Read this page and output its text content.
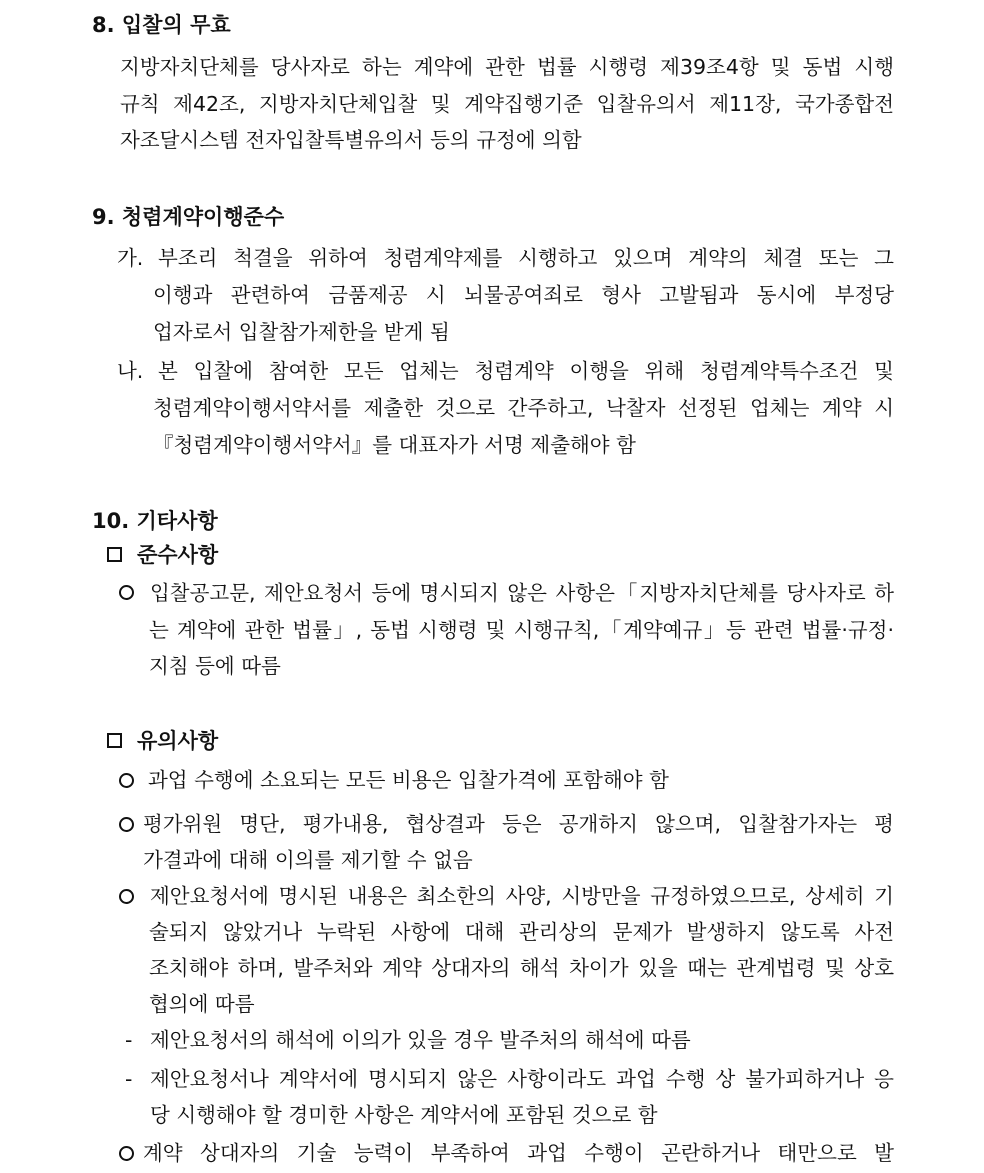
8. 입찰의 무효
지방자치단체를 당사자로 하는 계약에 관한 법률 시행령 제39조4항 및 동법 시행
규칙 제42조, 지방자치단체입찰 및 계약집행기준 입찰유의서 제11장, 국가종합전
자조달시스템 전자입찰특별유의서 등의 규정에 의함
9. 청렴계약이행준수
가. 부조리 척결을 위하여 청렴계약제를 시행하고 있으며 계약의 체결 또는 그
이행과 관련하여 금품제공 시 뇌물공여죄로 형사 고발됨과 동시에 부정당
업자로서 입찰참가제한을 받게 됨
나. 본 입찰에 참여한 모든 업체는 청렴계약 이행을 위해 청렴계약특수조건 및
청렴계약이행서약서를 제출한 것으로 간주하고, 낙찰자 선정된 업체는 계약 시
『청렴계약이행서약서』를 대표자가 서명 제출해야 함
10. 기타사항
준수사항
입찰공고문, 제안요청서 등에 명시되지 않은 사항은「지방자치단체를 당사자로 하
는 계약에 관한 법률」, 동법 시행령 및 시행규칙,「계약예규」등 관련 법률·규정·
지침 등에 따름
유의사항
과업 수행에 소요되는 모든 비용은 입찰가격에 포함해야 함
평가위원 명단, 평가내용, 협상결과 등은 공개하지 않으며, 입찰참가자는 평
가결과에 대해 이의를 제기할 수 없음
제안요청서에 명시된 내용은 최소한의 사양, 시방만을 규정하였으므로, 상세히 기
술되지 않았거나 누락된 사항에 대해 관리상의 문제가 발생하지 않도록 사전
조치해야 하며, 발주처와 계약 상대자의 해석 차이가 있을 때는 관계법령 및 상호
협의에 따름
- 제안요청서의 해석에 이의가 있을 경우 발주처의 해석에 따름
- 제안요청서나 계약서에 명시되지 않은 사항이라도 과업 수행 상 불가피하거나 응
당 시행해야 할 경미한 사항은 계약서에 포함된 것으로 함
계약 상대자의 기술 능력이 부족하여 과업 수행이 곤란하거나 태만으로 발
